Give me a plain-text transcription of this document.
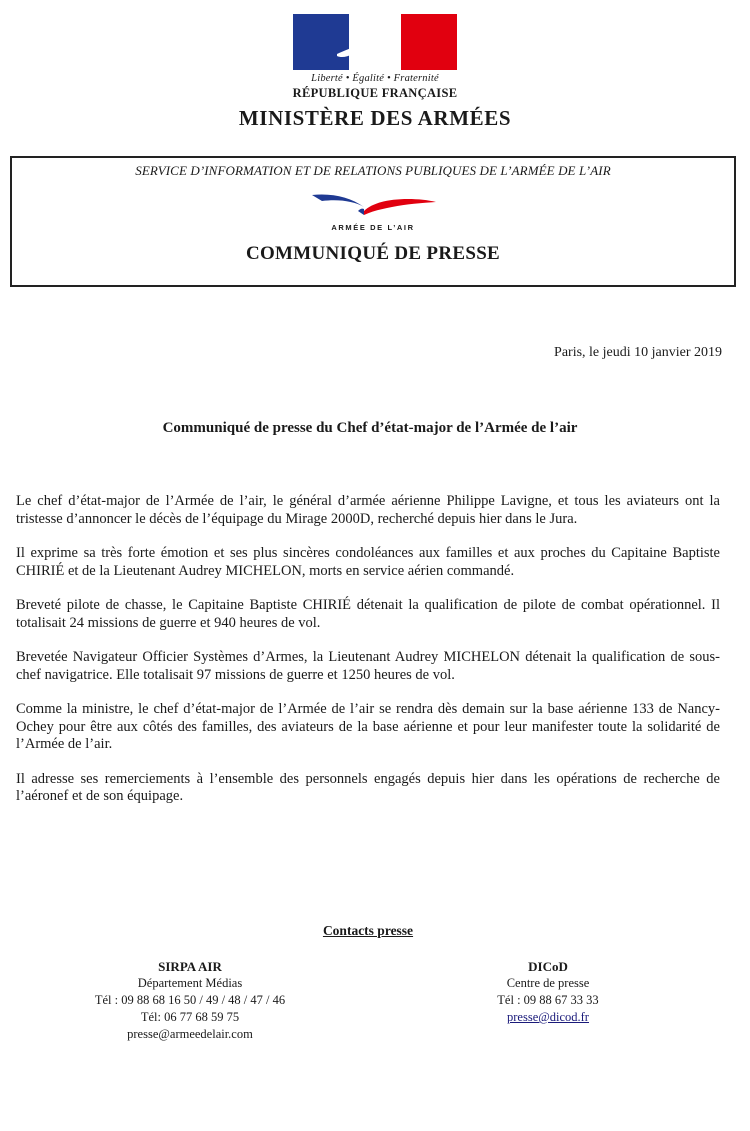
Liberté • Égalité • Fraternité
RÉPUBLIQUE FRANÇAISE
MINISTÈRE DES ARMÉES
SERVICE D’INFORMATION ET DE RELATIONS PUBLIQUES DE L’ARMÉE DE L’AIR
ARMÉE DE L’AIR
COMMUNIQUÉ DE PRESSE
Paris, le jeudi 10 janvier 2019
Communiqué de presse du Chef d’état-major de l’Armée de l’air

Le chef d’état-major de l’Armée de l’air, le général d’armée aérienne Philippe Lavigne, et tous les aviateurs ont la tristesse d’annoncer le décès de l’équipage du Mirage 2000D, recherché depuis hier dans le Jura.

Il exprime sa très forte émotion et ses plus sincères condoléances aux familles et aux proches du Capitaine Baptiste CHIRIÉ et de la Lieutenant Audrey MICHELON, morts en service aérien commandé.

Breveté pilote de chasse, le Capitaine Baptiste CHIRIÉ détenait la qualification de pilote de combat opérationnel. Il totalisait 24 missions de guerre et 940 heures de vol.

Brevetée Navigateur Officier Systèmes d’Armes, la Lieutenant Audrey MICHELON détenait la qualification de sous-chef navigatrice. Elle totalisait 97 missions de guerre et 1250 heures de vol.

Comme la ministre, le chef d’état-major de l’Armée de l’air se rendra dès demain sur la base aérienne 133 de Nancy-Ochey pour être aux côtés des familles, des aviateurs de la base aérienne et pour leur manifester toute la solidarité de l’Armée de l’air.

Il adresse ses remerciements à l’ensemble des personnels engagés depuis hier dans les opérations de recherche de l’aéronef et de son équipage.

Contacts presse
SIRPA AIR
Département Médias
Tél : 09 88 68 16 50 / 49 / 48 / 47 / 46
Tél: 06 77 68 59 75
presse@armeedelair.com
DICoD
Centre de presse
Tél : 09 88 67 33 33
presse@dicod.fr
